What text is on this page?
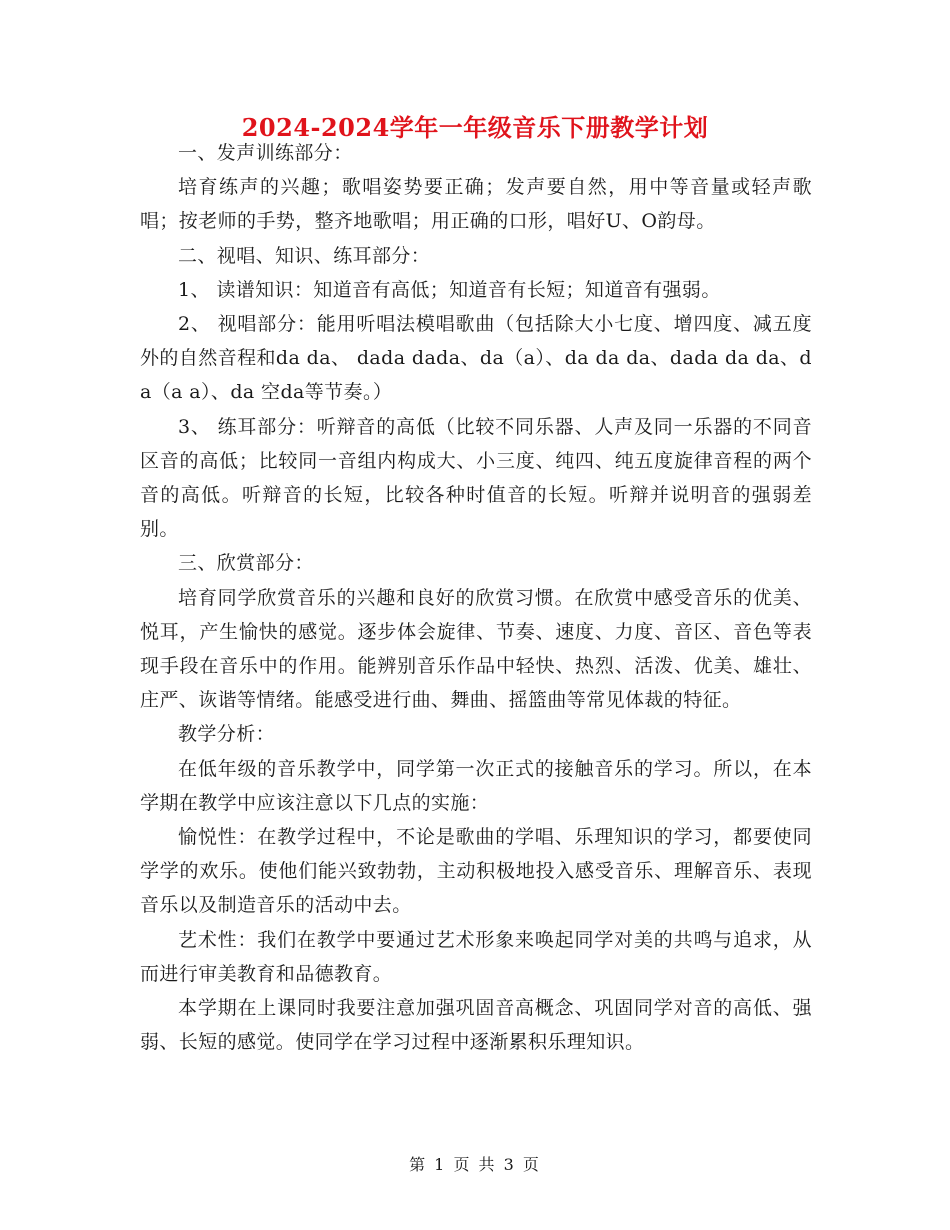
2024-2024学年一年级音乐下册教学计划

一、发声训练部分：

培育练声的兴趣；歌唱姿势要正确；发声要自然，用中等音量或轻声歌唱；按老师的手势，整齐地歌唱；用正确的口形，唱好U、O韵母。

二、视唱、知识、练耳部分：

1、 读谱知识：知道音有高低；知道音有长短；知道音有强弱。

2、 视唱部分：能用听唱法模唱歌曲（包括除大小七度、增四度、减五度外的自然音程和da da、 dada dada、da（a）、da da da、dada da da、da（a a）、da 空da等节奏。）

3、 练耳部分：听辩音的高低（比较不同乐器、人声及同一乐器的不同音区音的高低；比较同一音组内构成大、小三度、纯四、纯五度旋律音程的两个音的高低。听辩音的长短，比较各种时值音的长短。听辩并说明音的强弱差别。

三、欣赏部分：

培育同学欣赏音乐的兴趣和良好的欣赏习惯。在欣赏中感受音乐的优美、悦耳，产生愉快的感觉。逐步体会旋律、节奏、速度、力度、音区、音色等表现手段在音乐中的作用。能辨别音乐作品中轻快、热烈、活泼、优美、雄壮、庄严、诙谐等情绪。能感受进行曲、舞曲、摇篮曲等常见体裁的特征。

教学分析：

在低年级的音乐教学中，同学第一次正式的接触音乐的学习。所以，在本学期在教学中应该注意以下几点的实施：

愉悦性：在教学过程中，不论是歌曲的学唱、乐理知识的学习，都要使同学学的欢乐。使他们能兴致勃勃，主动积极地投入感受音乐、理解音乐、表现音乐以及制造音乐的活动中去。

艺术性：我们在教学中要通过艺术形象来唤起同学对美的共鸣与追求，从而进行审美教育和品德教育。

本学期在上课同时我要注意加强巩固音高概念、巩固同学对音的高低、强弱、长短的感觉。使同学在学习过程中逐渐累积乐理知识。

第 1 页 共 3 页
